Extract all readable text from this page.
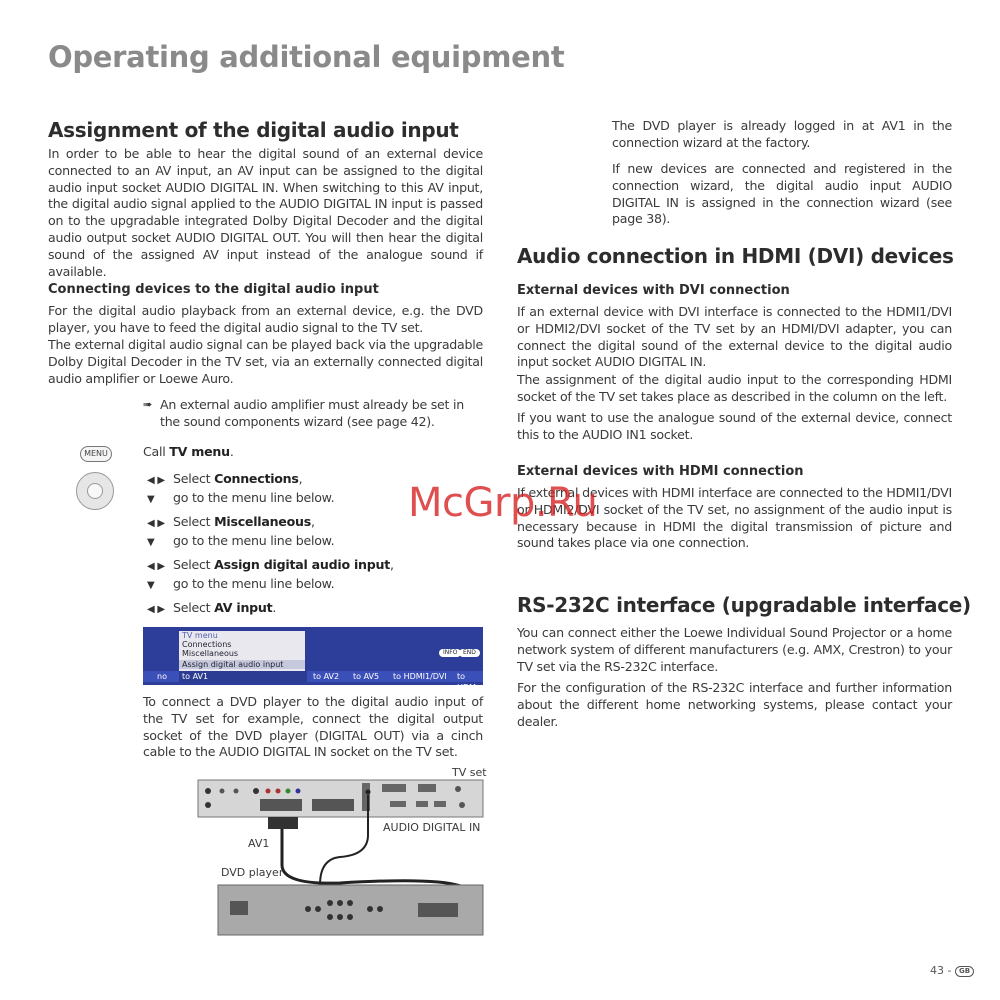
Operating additional equipment
Assignment of the digital audio input

In order to be able to hear the digital sound of an external device connected to an AV input, an AV input can be assigned to the digital audio input socket AUDIO DIGITAL IN. When switching to this AV input, the digital audio signal applied to the AUDIO DIGITAL IN input is passed on to the upgradable integrated Dolby Digital Decoder and the digital audio output socket AUDIO DIGITAL OUT. You will then hear the digital sound of the assigned AV input instead of the analogue sound if available.

Connecting devices to the digital audio input

For the digital audio playback from an external device, e.g. the DVD player, you have to feed the digital audio signal to the TV set.

The external digital audio signal can be played back via the upgradable Dolby Digital Decoder in the TV set, via an externally connected digital audio amplifier or Loewe Auro.

➠ An external audio amplifier must already be set in the sound components wizard (see page 42).
MENU	Call TV menu.
◀ ▶ Select Connections,
▼ go to the menu line below.
◀ ▶ Select Miscellaneous,
▼ go to the menu line below.
◀ ▶ Select Assign digital audio input,
▼ go to the menu line below.
◀ ▶ Select AV input.
TV menu
Connections
Miscellaneous
Assign digital audio input
INFO END
no	to AV1	to AV2 to AV5 to HDMI1/DVI to HDM

To connect a DVD player to the digital audio input of the TV set for example, connect the digital output socket of the DVD player (DIGITAL OUT) via a cinch cable to the AUDIO DIGITAL IN socket on the TV set.

TV set
AUDIO DIGITAL IN
AV1
DVD player

The DVD player is already logged in at AV1 in the connection wizard at the factory.

If new devices are connected and registered in the connection wizard, the digital audio input AUDIO DIGITAL IN is assigned in the connection wizard (see page 38).

Audio connection in HDMI (DVI) devices
External devices with DVI connection

If an external device with DVI interface is connected to the HDMI1/DVI or HDMI2/DVI socket of the TV set by an HDMI/DVI adapter, you can connect the digital sound of the external device to the digital audio input socket AUDIO DIGITAL IN.

The assignment of the digital audio input to the corresponding HDMI socket of the TV set takes place as described in the column on the left.

If you want to use the analogue sound of the external device, connect this to the AUDIO IN1 socket.

External devices with HDMI connection

If external devices with HDMI interface are connected to the HDMI1/DVI or HDMI2/DVI socket of the TV set, no assignment of the audio input is necessary because in HDMI the digital transmission of picture and sound takes place via one connection.

RS-232C interface (upgradable interface)

You can connect either the Loewe Individual Sound Projector or a home network system of different manufacturers (e.g. AMX, Crestron) to your TV set via the RS-232C interface.

For the configuration of the RS-232C interface and further information about the different home networking systems, please contact your dealer.

McGrp.Ru
43 - GB
